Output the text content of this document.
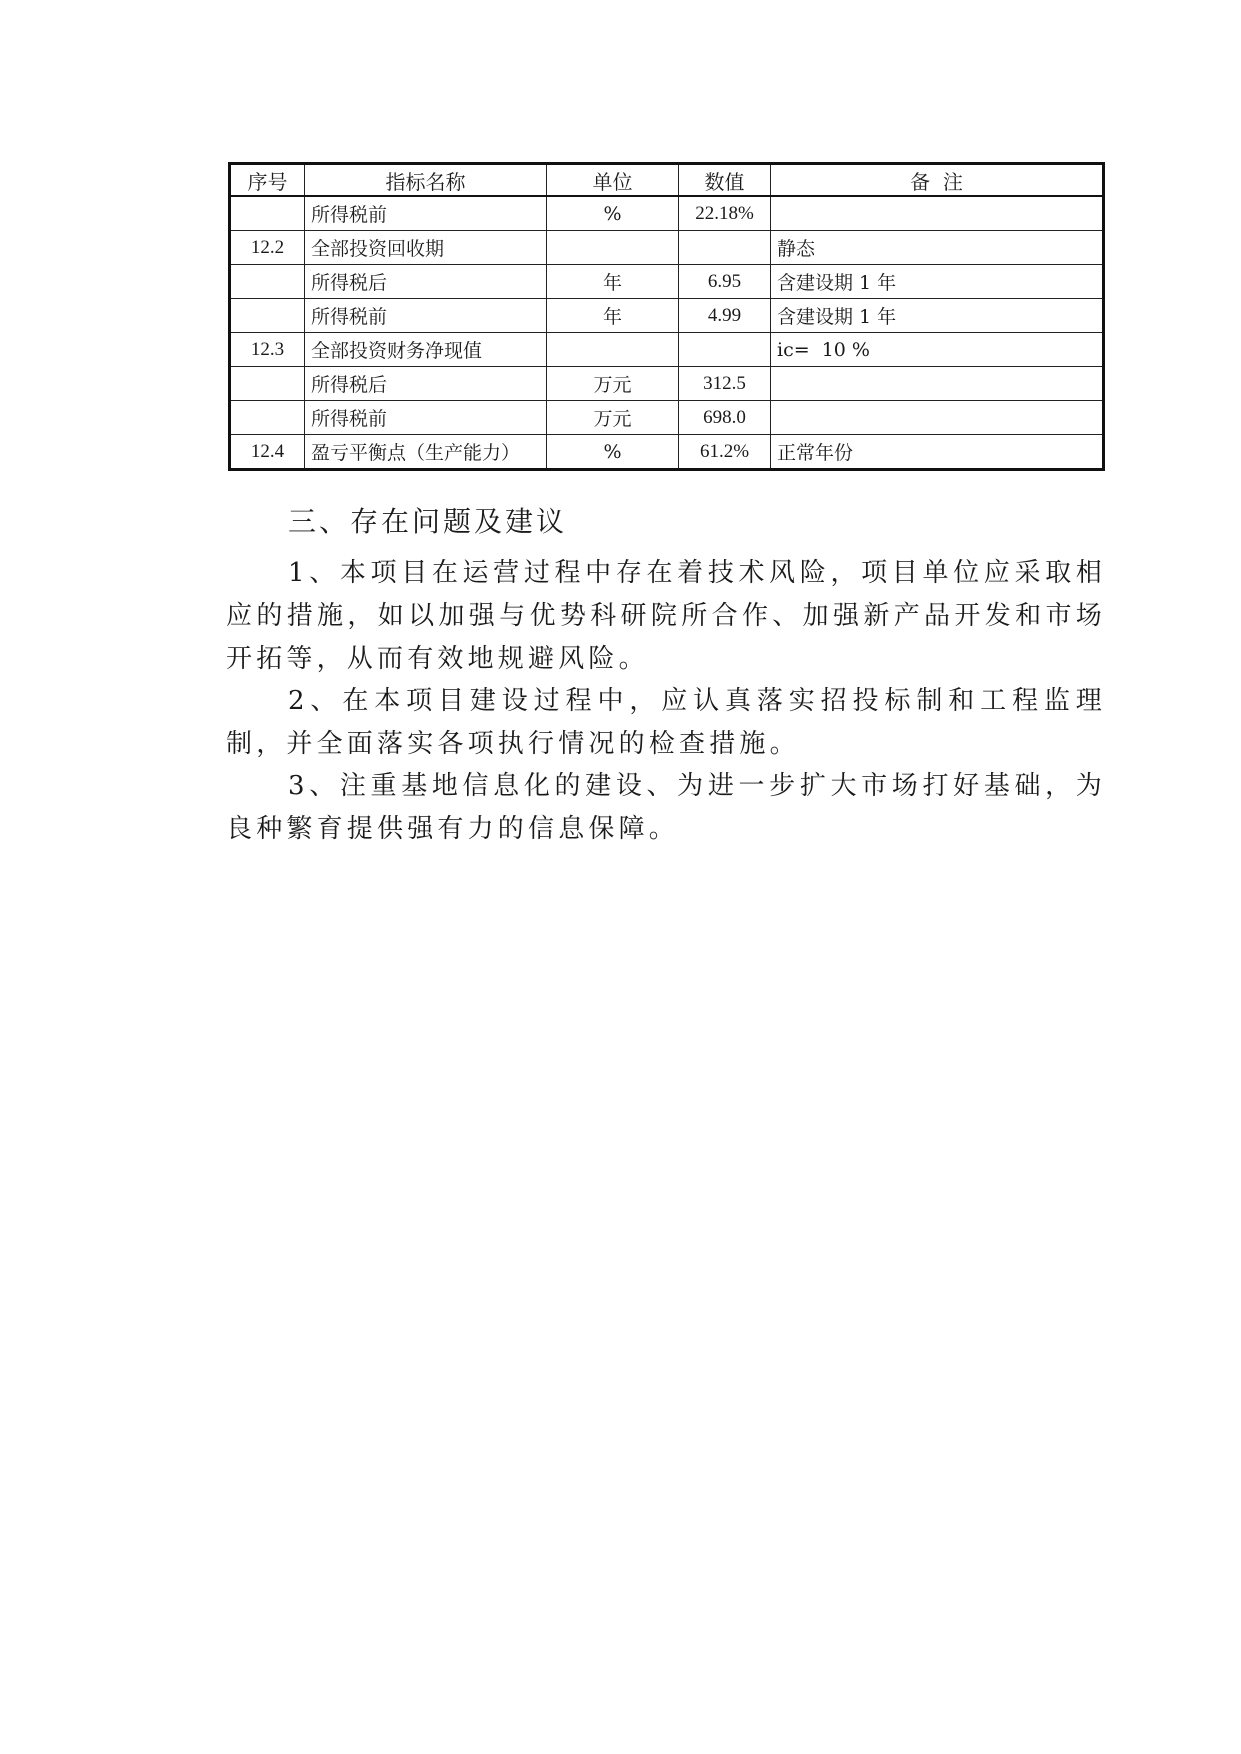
序号	指标名称	单位	数值	备  注
	所得税前	%	22.18%	
12.2	全部投资回收期			静态
	所得税后	年	6.95	含建设期 1 年
	所得税前	年	4.99	含建设期 1 年
12.3	全部投资财务净现值			ic=  10 %
	所得税后	万元	312.5	
	所得税前	万元	698.0	
12.4	盈亏平衡点（生产能力）	%	61.2%	正常年份
三、存在问题及建议

1、本项目在运营过程中存在着技术风险，项目单位应采取相应的措施，如以加强与优势科研院所合作、加强新产品开发和市场开拓等，从而有效地规避风险。

2、在本项目建设过程中，应认真落实招投标制和工程监理制，并全面落实各项执行情况的检查措施。

3、注重基地信息化的建设、为进一步扩大市场打好基础，为良种繁育提供强有力的信息保障。
